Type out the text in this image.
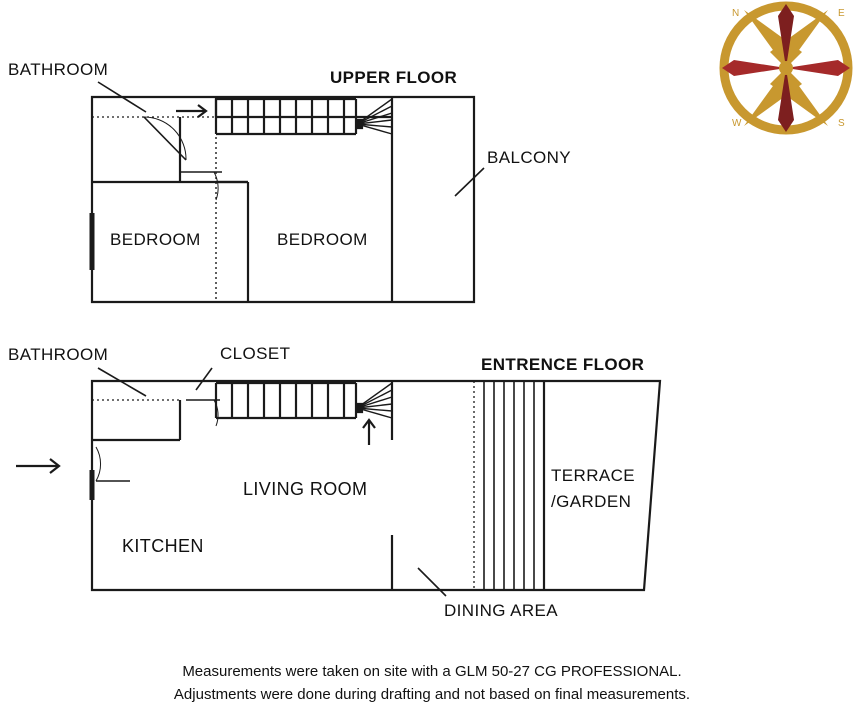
N	E
W	S
UPPER FLOOR
BATHROOM
BEDROOM	BEDROOM
BALCONY
ENTRENCE FLOOR
BATHROOM	CLOSET
LIVING ROOM
KITCHEN
TERRACE
/GARDEN
DINING AREA
Measurements were taken on site with a GLM 50-27 CG PROFESSIONAL.
Adjustments were done during drafting and not based on final measurements.
